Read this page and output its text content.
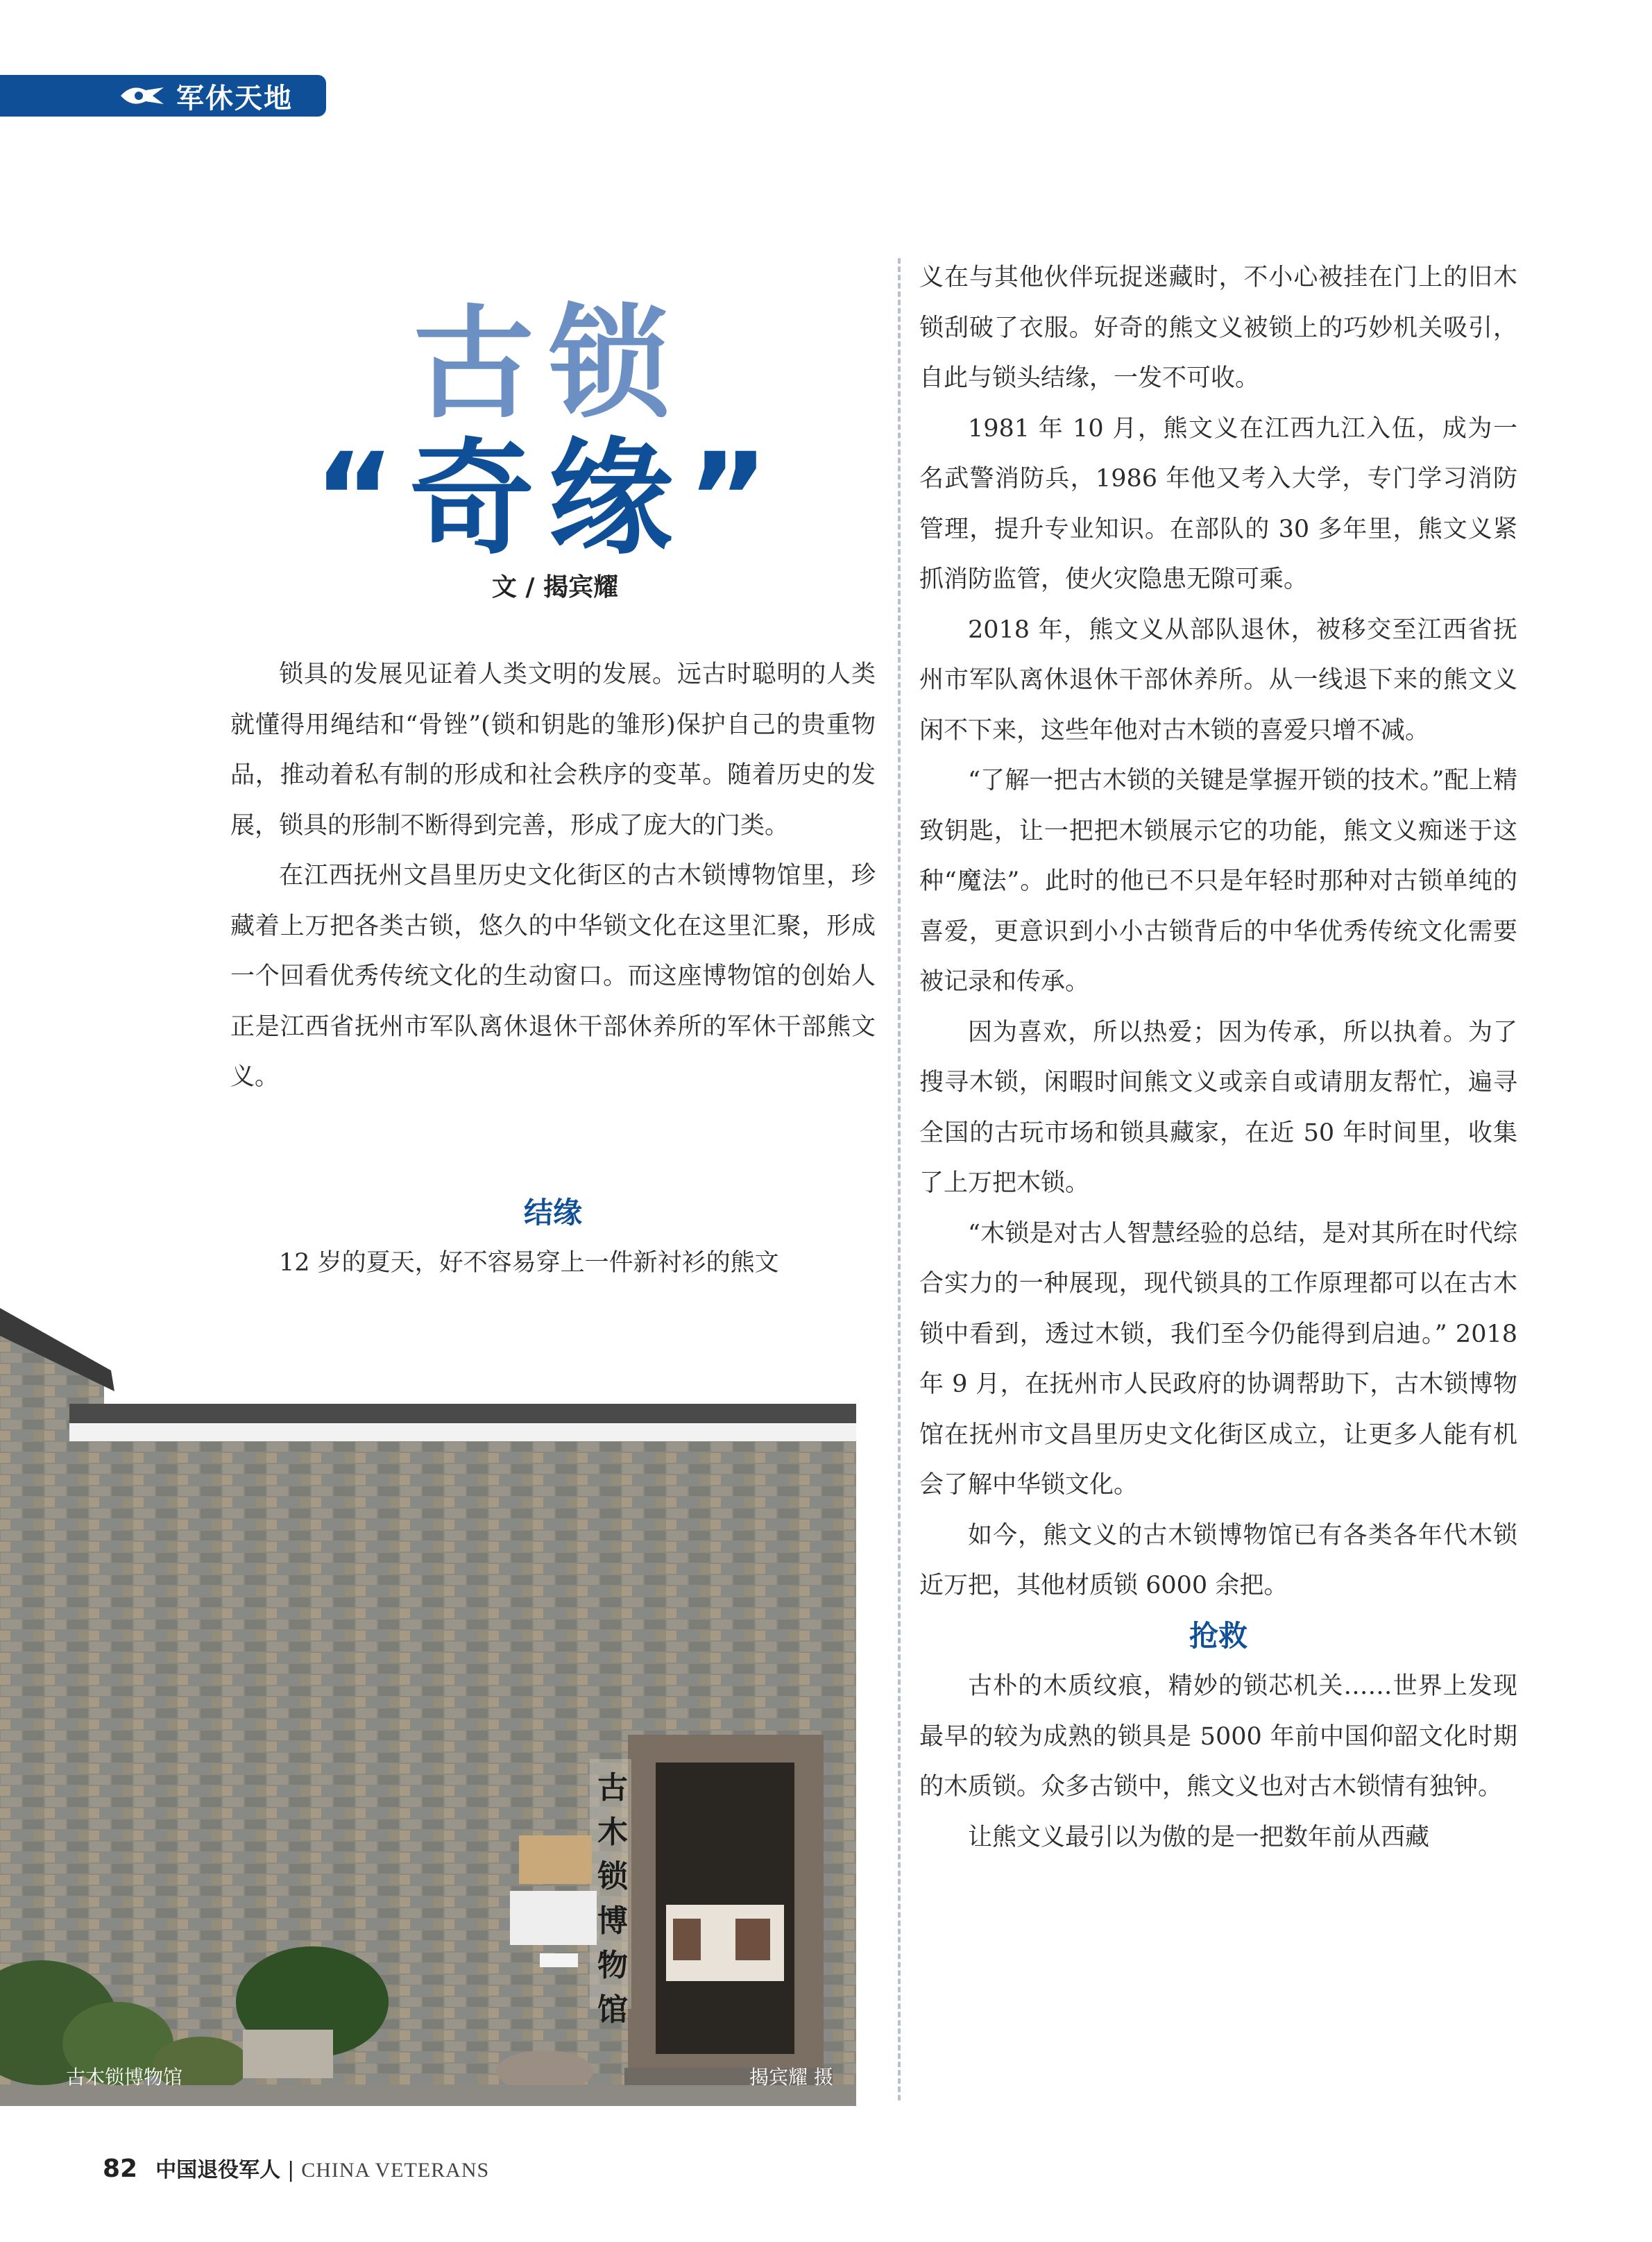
军休天地
古锁
“奇缘”
文 / 揭宾耀

锁具的发展见证着人类文明的发展。远古时聪明的人类就懂得用绳结和“骨锉”(锁和钥匙的雏形)保护自己的贵重物品，推动着私有制的形成和社会秩序的变革。随着历史的发展，锁具的形制不断得到完善，形成了庞大的门类。

在江西抚州文昌里历史文化街区的古木锁博物馆里，珍藏着上万把各类古锁，悠久的中华锁文化在这里汇聚，形成一个回看优秀传统文化的生动窗口。而这座博物馆的创始人正是江西省抚州市军队离休退休干部休养所的军休干部熊文义。

结缘

12 岁的夏天，好不容易穿上一件新衬衫的熊文

义在与其他伙伴玩捉迷藏时，不小心被挂在门上的旧木锁刮破了衣服。好奇的熊文义被锁上的巧妙机关吸引，自此与锁头结缘，一发不可收。

1981 年 10 月，熊文义在江西九江入伍，成为一名武警消防兵，1986 年他又考入大学，专门学习消防管理，提升专业知识。在部队的 30 多年里，熊文义紧抓消防监管，使火灾隐患无隙可乘。

2018 年，熊文义从部队退休，被移交至江西省抚州市军队离休退休干部休养所。从一线退下来的熊文义闲不下来，这些年他对古木锁的喜爱只增不减。

“了解一把古木锁的关键是掌握开锁的技术。”配上精致钥匙，让一把把木锁展示它的功能，熊文义痴迷于这种“魔法”。此时的他已不只是年轻时那种对古锁单纯的喜爱，更意识到小小古锁背后的中华优秀传统文化需要被记录和传承。

因为喜欢，所以热爱；因为传承，所以执着。为了搜寻木锁，闲暇时间熊文义或亲自或请朋友帮忙，遍寻全国的古玩市场和锁具藏家，在近 50 年时间里，收集了上万把木锁。

“木锁是对古人智慧经验的总结，是对其所在时代综合实力的一种展现，现代锁具的工作原理都可以在古木锁中看到，透过木锁，我们至今仍能得到启迪。” 2018 年 9 月，在抚州市人民政府的协调帮助下，古木锁博物馆在抚州市文昌里历史文化街区成立，让更多人能有机会了解中华锁文化。

如今，熊文义的古木锁博物馆已有各类各年代木锁近万把，其他材质锁 6000 余把。

抢救

古朴的木质纹痕，精妙的锁芯机关……世界上发现最早的较为成熟的锁具是 5000 年前中国仰韶文化时期的木质锁。众多古锁中，熊文义也对古木锁情有独钟。

让熊文义最引以为傲的是一把数年前从西藏

古木锁博物馆
古木锁博物馆	揭宾耀 摄
82 中国退役军人 | CHINA VETERANS
